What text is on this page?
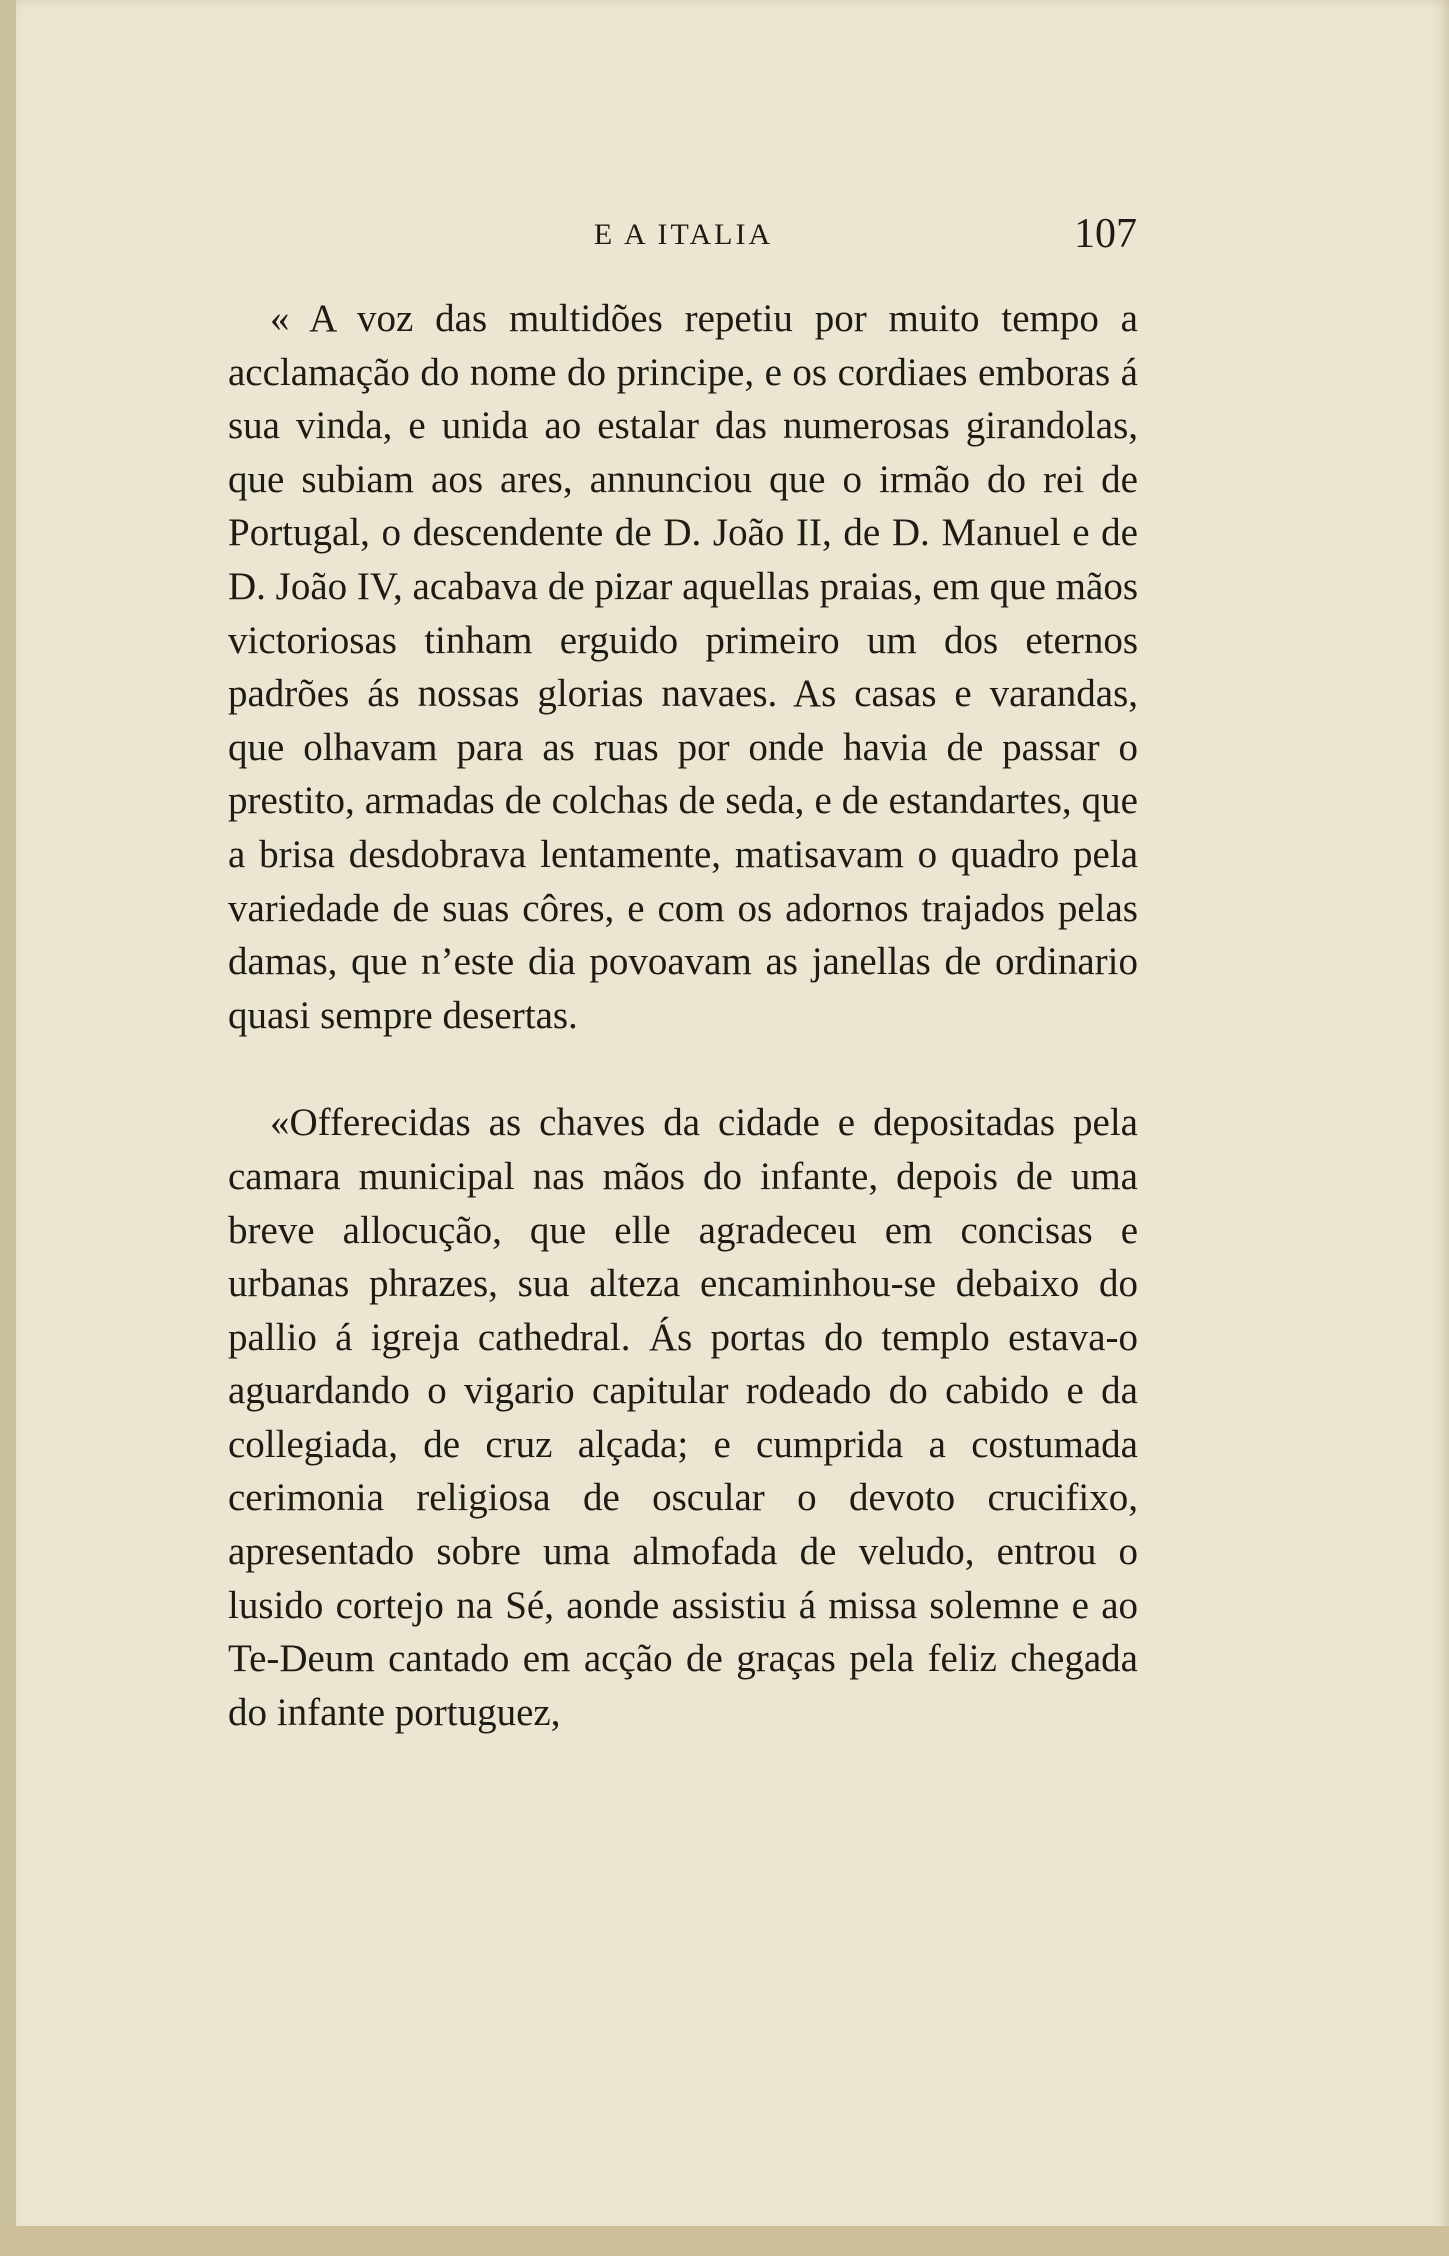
E A ITALIA	107

« A voz das multidões repetiu por muito tempo a acclamação do nome do principe, e os cordiaes emboras á sua vinda, e unida ao estalar das numerosas girandolas, que subiam aos ares, annunciou que o irmão do rei de Portugal, o descendente de D. João II, de D. Manuel e de D. João IV, acabava de pizar aquellas praias, em que mãos victoriosas tinham erguido primeiro um dos eternos padrões ás nossas glorias navaes. As casas e varandas, que olhavam para as ruas por onde havia de passar o prestito, armadas de colchas de seda, e de estandartes, que a brisa desdobrava lentamente, matisavam o quadro pela variedade de suas côres, e com os adornos trajados pelas damas, que n’este dia povoavam as janellas de ordinario quasi sempre desertas.

«Offerecidas as chaves da cidade e depositadas pela camara municipal nas mãos do infante, depois de uma breve allocução, que elle agradeceu em concisas e urbanas phrazes, sua alteza encaminhou-se debaixo do pallio á igreja cathedral. Ás portas do templo estava-o aguardando o vigario capitular rodeado do cabido e da collegiada, de cruz alçada; e cumprida a costumada cerimonia religiosa de oscular o devoto crucifixo, apresentado sobre uma almofada de veludo, entrou o lusido cortejo na Sé, aonde assistiu á missa solemne e ao Te-Deum cantado em acção de graças pela feliz chegada do infante portuguez,
